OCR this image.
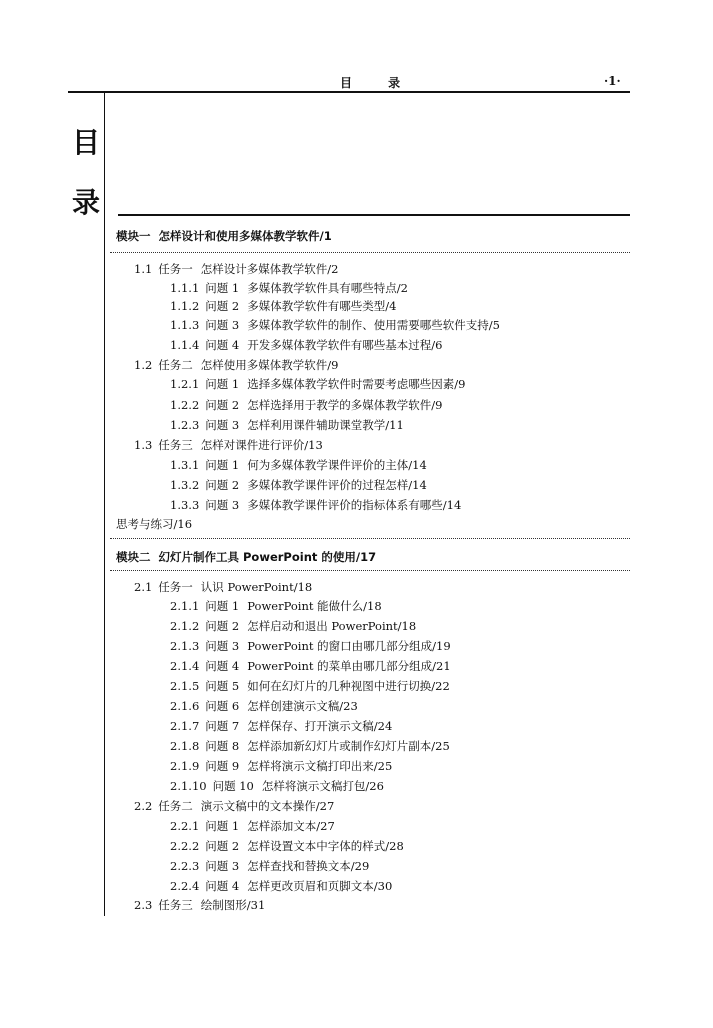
目 录	·1·
目
录
模块一 怎样设计和使用多媒体教学软件/1
1.1 任务一 怎样设计多媒体教学软件/2
1.1.1 问题 1 多媒体教学软件具有哪些特点/2
1.1.2 问题 2 多媒体教学软件有哪些类型/4
1.1.3 问题 3 多媒体教学软件的制作、使用需要哪些软件支持/5
1.1.4 问题 4 开发多媒体教学软件有哪些基本过程/6
1.2 任务二 怎样使用多媒体教学软件/9
1.2.1 问题 1 选择多媒体教学软件时需要考虑哪些因素/9
1.2.2 问题 2 怎样选择用于教学的多媒体教学软件/9
1.2.3 问题 3 怎样利用课件辅助课堂教学/11
1.3 任务三 怎样对课件进行评价/13
1.3.1 问题 1 何为多媒体教学课件评价的主体/14
1.3.2 问题 2 多媒体教学课件评价的过程怎样/14
1.3.3 问题 3 多媒体教学课件评价的指标体系有哪些/14
思考与练习/16
模块二 幻灯片制作工具 PowerPoint 的使用/17
2.1 任务一 认识 PowerPoint/18
2.1.1 问题 1 PowerPoint 能做什么/18
2.1.2 问题 2 怎样启动和退出 PowerPoint/18
2.1.3 问题 3 PowerPoint 的窗口由哪几部分组成/19
2.1.4 问题 4 PowerPoint 的菜单由哪几部分组成/21
2.1.5 问题 5 如何在幻灯片的几种视图中进行切换/22
2.1.6 问题 6 怎样创建演示文稿/23
2.1.7 问题 7 怎样保存、打开演示文稿/24
2.1.8 问题 8 怎样添加新幻灯片或制作幻灯片副本/25
2.1.9 问题 9 怎样将演示文稿打印出来/25
2.1.10 问题 10 怎样将演示文稿打包/26
2.2 任务二 演示文稿中的文本操作/27
2.2.1 问题 1 怎样添加文本/27
2.2.2 问题 2 怎样设置文本中字体的样式/28
2.2.3 问题 3 怎样查找和替换文本/29
2.2.4 问题 4 怎样更改页眉和页脚文本/30
2.3 任务三 绘制图形/31
